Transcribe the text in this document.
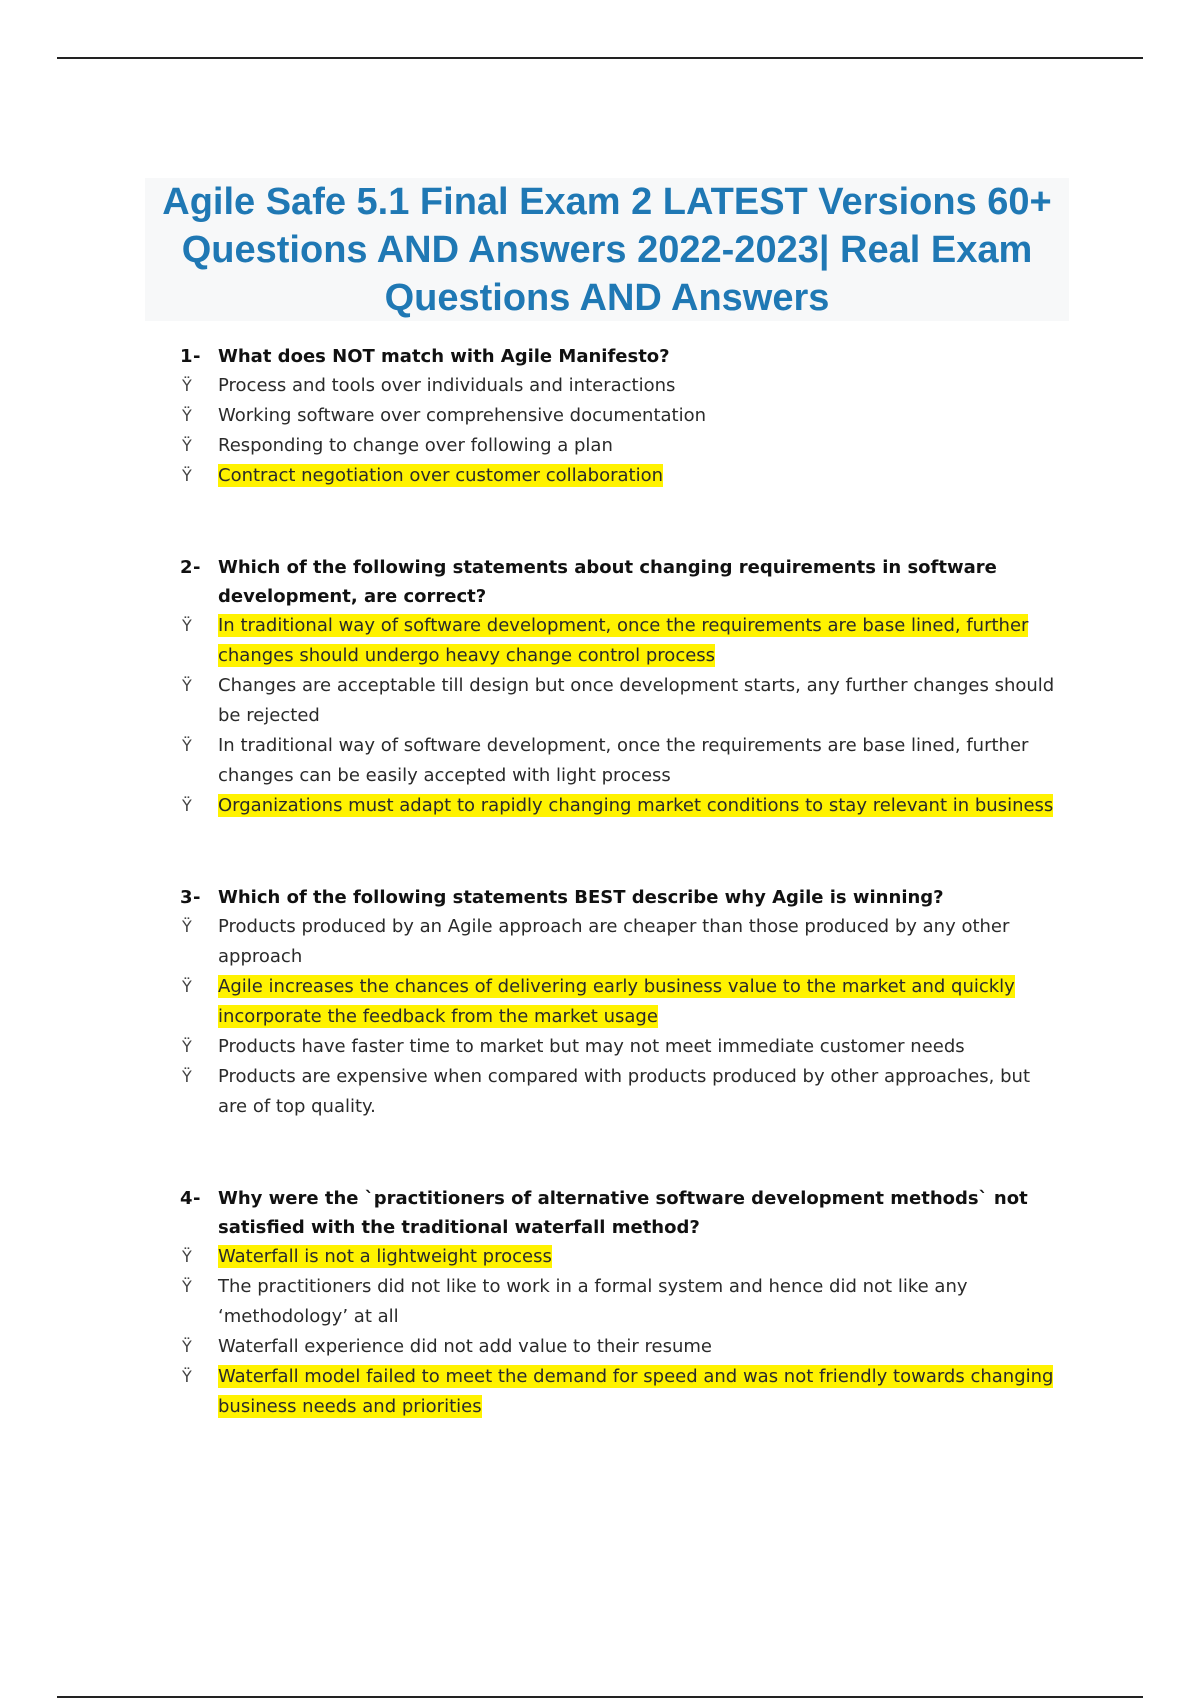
Agile Safe 5.1 Final Exam 2 LATEST Versions 60+ Questions AND Answers 2022-2023| Real Exam Questions AND Answers
1- What does NOT match with Agile Manifesto?
Ÿ	Process and tools over individuals and interactions
Ÿ	Working software over comprehensive documentation
Ÿ	Responding to change over following a plan
Ÿ	Contract negotiation over customer collaboration
2- Which of the following statements about changing requirements in software development, are correct?
Ÿ	In traditional way of software development, once the requirements are base lined, further changes should undergo heavy change control process
Ÿ	Changes are acceptable till design but once development starts, any further changes should be rejected
Ÿ	In traditional way of software development, once the requirements are base lined, further changes can be easily accepted with light process
Ÿ	Organizations must adapt to rapidly changing market conditions to stay relevant in business
3- Which of the following statements BEST describe why Agile is winning?
Ÿ	Products produced by an Agile approach are cheaper than those produced by any other approach
Ÿ	Agile increases the chances of delivering early business value to the market and quickly incorporate the feedback from the market usage
Ÿ	Products have faster time to market but may not meet immediate customer needs
Ÿ	Products are expensive when compared with products produced by other approaches, but are of top quality.
4- Why were the `practitioners of alternative software development methods` not satisfied with the traditional waterfall method?
Ÿ	Waterfall is not a lightweight process
Ÿ	The practitioners did not like to work in a formal system and hence did not like any ‘methodology’ at all
Ÿ	Waterfall experience did not add value to their resume
Ÿ	Waterfall model failed to meet the demand for speed and was not friendly towards changing business needs and priorities
